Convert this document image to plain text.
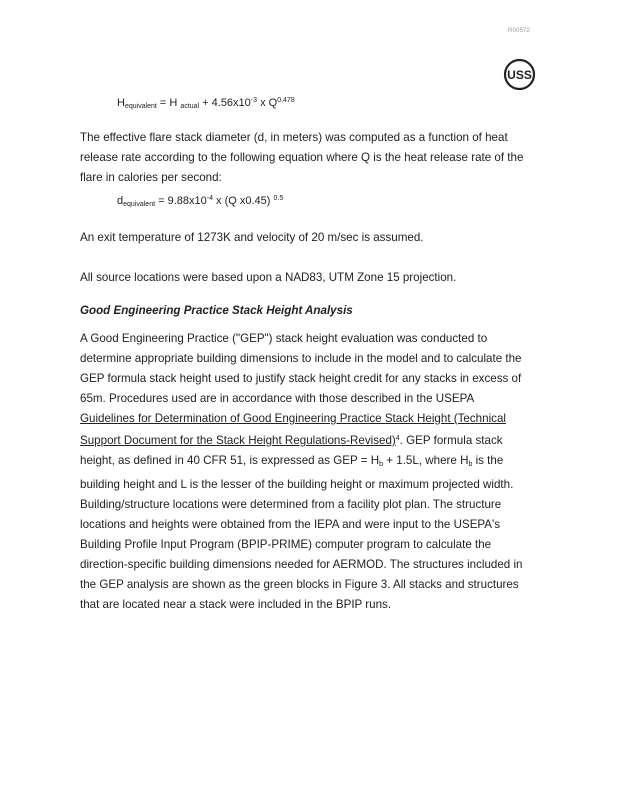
R00572
USS
$H_{equivalent} = H$ $_{actual} + 4.56x10^{-3}$ x $Q^{0.478}$
The effective flare stack diameter (d, in meters) was computed as a function of heat
release rate according to the following equation where Q is the heat release rate of the
flare in calories per second:
$d_{equivalent} = 9.88x10^{-4}$ x (Q x0.45) $^{0.5}$
An exit temperature of 1273K and velocity of 20 m/sec is assumed.
All source locations were based upon a NAD83, UTM Zone 15 projection.
Good Engineering Practice Stack Height Analysis
A Good Engineering Practice ("GEP") stack height evaluation was conducted to
determine appropriate building dimensions to include in the model and to calculate the
GEP formula stack height used to justify stack height credit for any stacks in excess of
65m. Procedures used are in accordance with those described in the USEPA
Guidelines for Determination of Good Engineering Practice Stack Height (Technical
Support Document for the Stack Height Regulations-Revised)$^4$. GEP formula stack
height, as defined in 40 CFR 51, is expressed as GEP = $H_b + 1.5L$, where $H_b$ is the
building height and L is the lesser of the building height or maximum projected width.
Building/structure locations were determined from a facility plot plan. The structure
locations and heights were obtained from the IEPA and were input to the USEPA's
Building Profile Input Program (BPIP-PRIME) computer program to calculate the
direction-specific building dimensions needed for AERMOD. The structures included in
the GEP analysis are shown as the green blocks in Figure 3. All stacks and structures
that are located near a stack were included in the BPIP runs.
